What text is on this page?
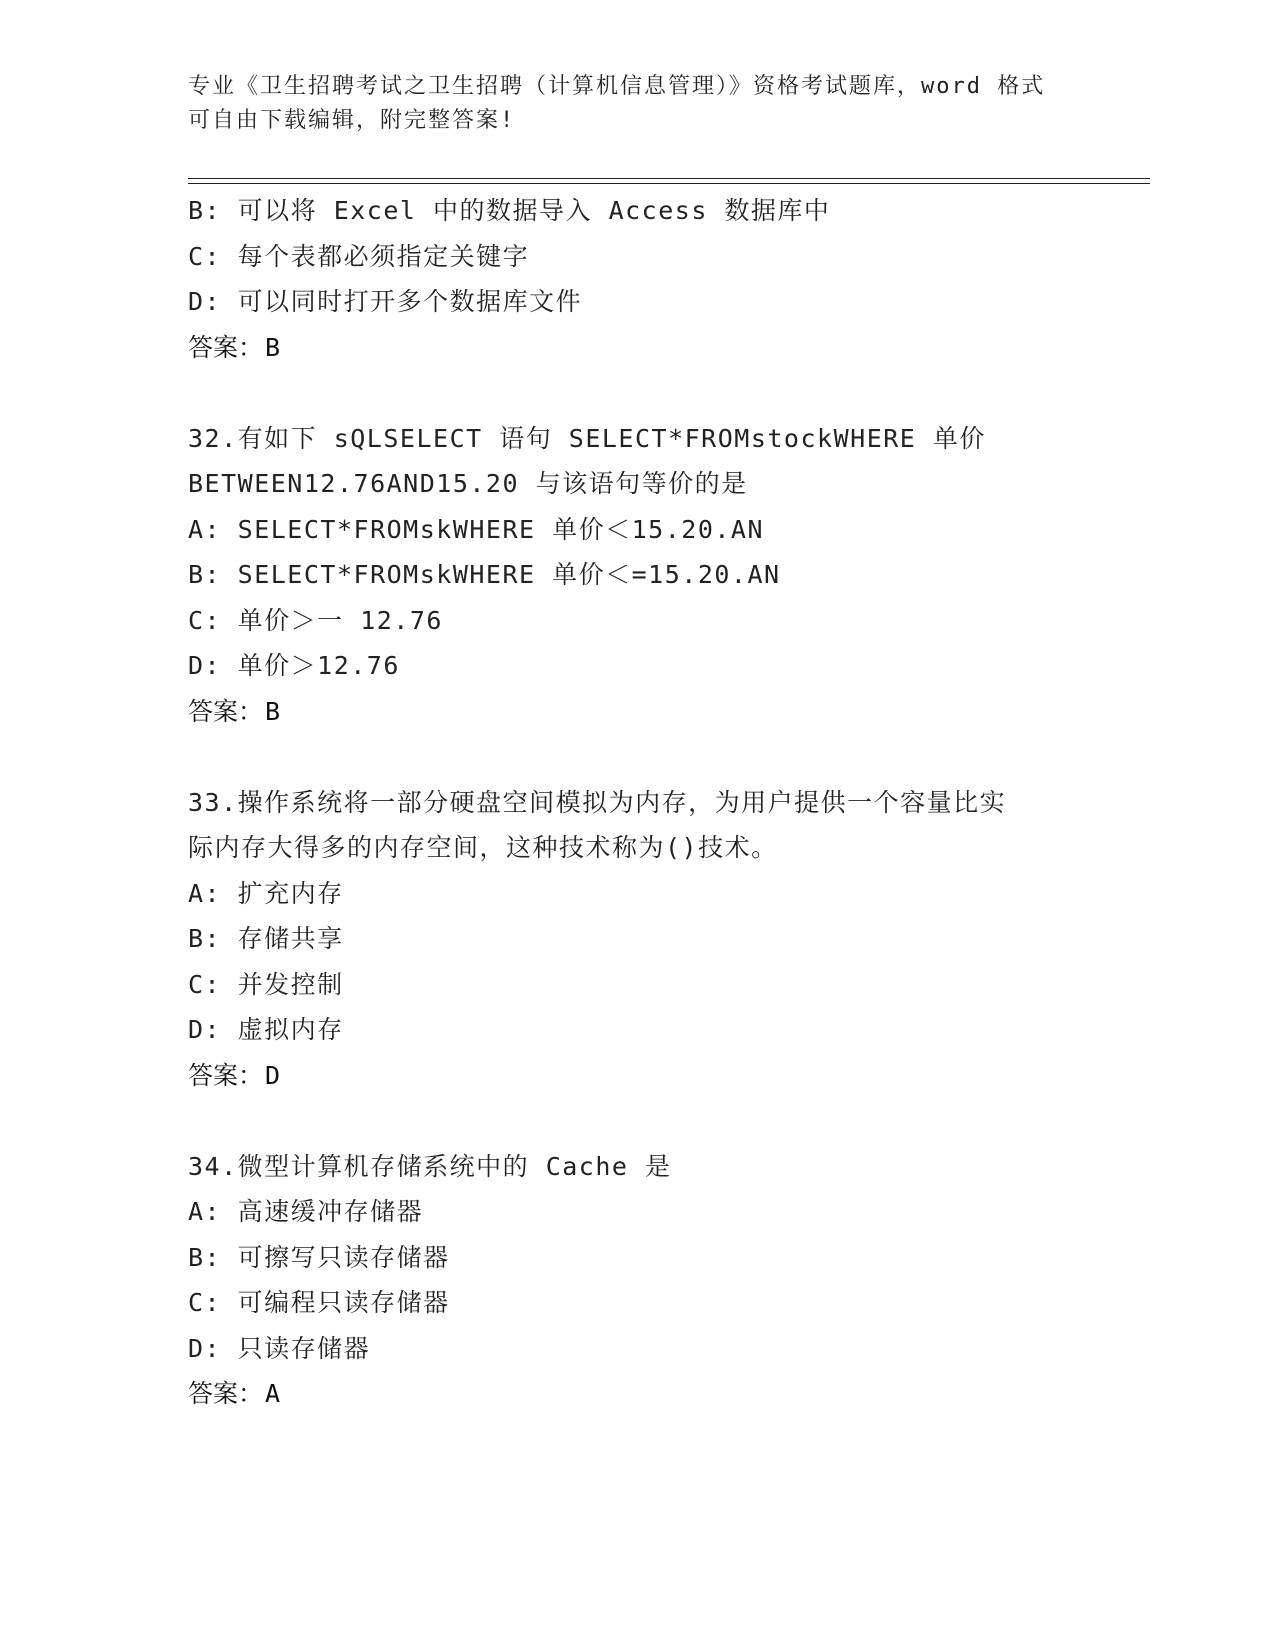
专业《卫生招聘考试之卫生招聘（计算机信息管理）》资格考试题库，word 格式
可自由下载编辑，附完整答案!
B: 可以将 Excel 中的数据导入 Access 数据库中
C: 每个表都必须指定关键字
D: 可以同时打开多个数据库文件
答案：B
32.有如下 sQLSELECT 语句 SELECT*FROMstockWHERE 单价
BETWEEN12.76AND15.20 与该语句等价的是
A: SELECT*FROMskWHERE 单价＜15.20.AN
B: SELECT*FROMskWHERE 单价＜=15.20.AN
C: 单价＞一 12.76
D: 单价＞12.76
答案：B
33.操作系统将一部分硬盘空间模拟为内存，为用户提供一个容量比实
际内存大得多的内存空间，这种技术称为()技术。
A: 扩充内存
B: 存储共享
C: 并发控制
D: 虚拟内存
答案：D
34.微型计算机存储系统中的 Cache 是
A: 高速缓冲存储器
B: 可擦写只读存储器
C: 可编程只读存储器
D: 只读存储器
答案：A
